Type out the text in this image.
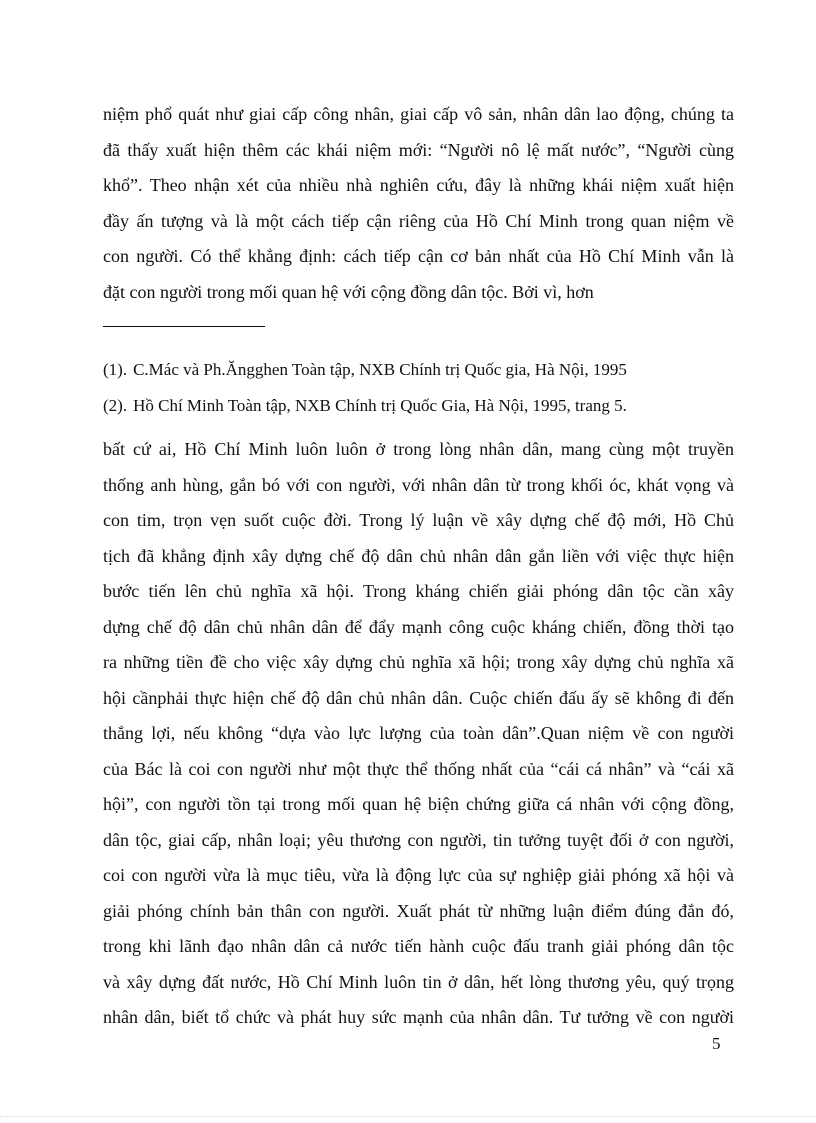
niệm phổ quát như giai cấp công nhân, giai cấp vô sản, nhân dân lao động, chúng ta
đã thấy xuất hiện thêm các khái niệm mới: “Người nô lệ mất nước”, “Người cùng
khổ”. Theo nhận xét của nhiều nhà nghiên cứu, đây là những khái niệm xuất hiện
đầy ấn tượng và là một cách tiếp cận riêng của Hồ Chí Minh trong quan niệm về
con người. Có thể khẳng định: cách tiếp cận cơ bản nhất của Hồ Chí Minh vẫn là
đặt con người trong mối quan hệ với cộng đồng dân tộc. Bởi vì, hơn
(1). C.Mác và Ph.Ăngghen Toàn tập, NXB Chính trị Quốc gia, Hà Nội, 1995
(2). Hồ Chí Minh Toàn tập, NXB Chính trị Quốc Gia, Hà Nội, 1995, trang 5.
bất cứ ai, Hồ Chí Minh luôn luôn ở trong lòng nhân dân, mang cùng một truyền
thống anh hùng, gắn bó với con người, với nhân dân từ trong khối óc, khát vọng và
con tim, trọn vẹn suốt cuộc đời. Trong lý luận về xây dựng chế độ mới, Hồ Chủ
tịch đã khẳng định xây dựng chế độ dân chủ nhân dân gắn liền với việc thực hiện
bước tiến lên chủ nghĩa xã hội. Trong kháng chiến giải phóng dân tộc cần xây
dựng chế độ dân chủ nhân dân để đẩy mạnh công cuộc kháng chiến, đồng thời tạo
ra những tiền đề cho việc xây dựng chủ nghĩa xã hội; trong xây dựng chủ nghĩa xã
hội cầnphải thực hiện chế độ dân chủ nhân dân. Cuộc chiến đấu ấy sẽ không đi đến
thắng lợi, nếu không “dựa vào lực lượng của toàn dân”.Quan niệm về con người
của Bác là coi con người như một thực thể thống nhất của “cái cá nhân” và “cái xã
hội”, con người tồn tại trong mối quan hệ biện chứng giữa cá nhân với cộng đồng,
dân tộc, giai cấp, nhân loại; yêu thương con người, tin tưởng tuyệt đối ở con người,
coi con người vừa là mục tiêu, vừa là động lực của sự nghiệp giải phóng xã hội và
giải phóng chính bản thân con người. Xuất phát từ những luận điểm đúng đắn đó,
trong khi lãnh đạo nhân dân cả nước tiến hành cuộc đấu tranh giải phóng dân tộc
và xây dựng đất nước, Hồ Chí Minh luôn tin ở dân, hết lòng thương yêu, quý trọng
nhân dân, biết tổ chức và phát huy sức mạnh của nhân dân. Tư tưởng về con người
5
